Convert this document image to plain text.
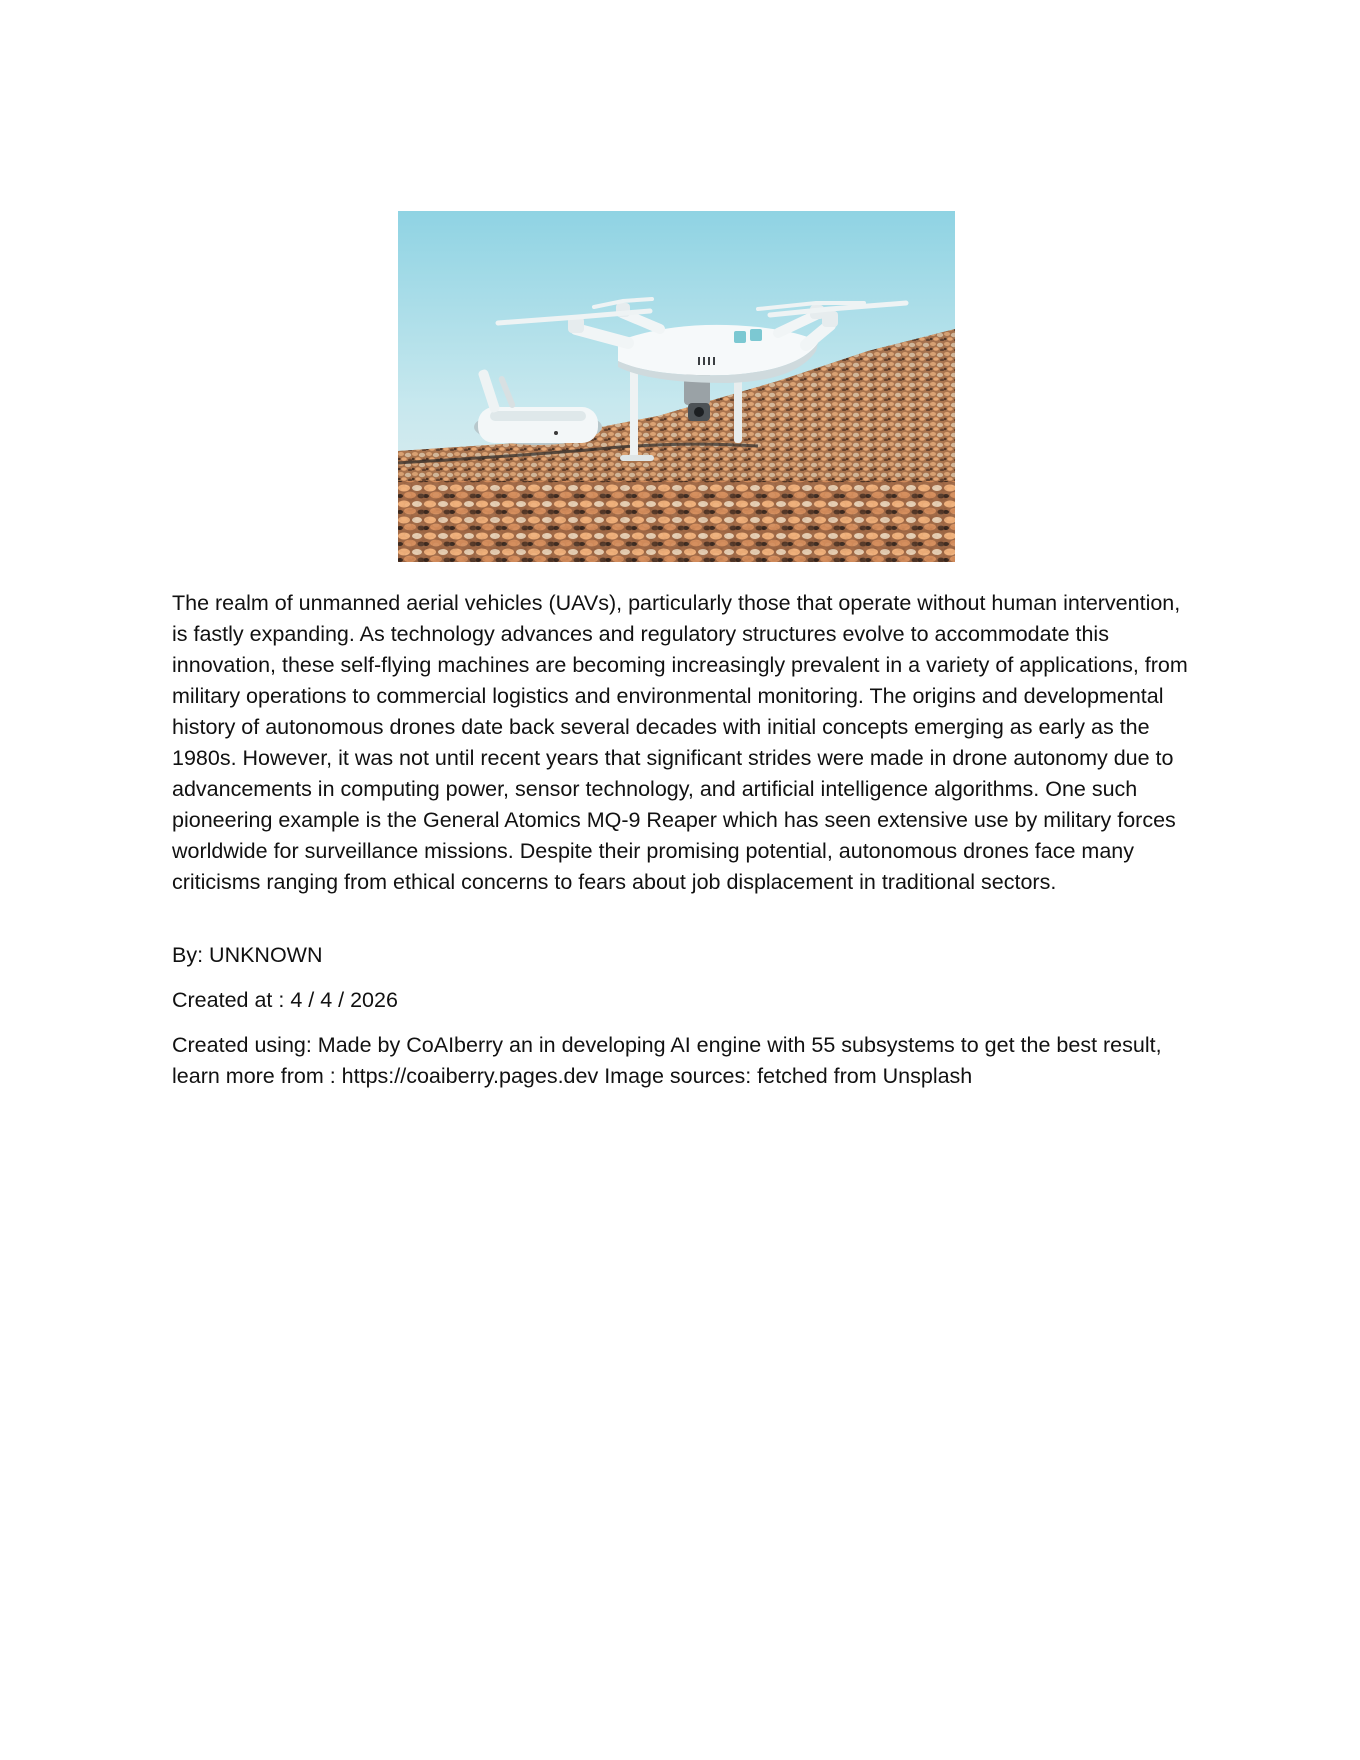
The realm of unmanned aerial vehicles (UAVs), particularly those that operate without human intervention, is fastly expanding. As technology advances and regulatory structures evolve to accommodate this innovation, these self-flying machines are becoming increasingly prevalent in a variety of applications, from military operations to commercial logistics and environmental monitoring. The origins and developmental history of autonomous drones date back several decades with initial concepts emerging as early as the 1980s. However, it was not until recent years that significant strides were made in drone autonomy due to advancements in computing power, sensor technology, and artificial intelligence algorithms. One such pioneering example is the General Atomics MQ-9 Reaper which has seen extensive use by military forces worldwide for surveillance missions. Despite their promising potential, autonomous drones face many criticisms ranging from ethical concerns to fears about job displacement in traditional sectors.

By: UNKNOWN

Created at : 4 / 4 / 2026

Created using: Made by CoAIberry an in developing AI engine with 55 subsystems to get the best result, learn more from : https://coaiberry.pages.dev Image sources: fetched from Unsplash
